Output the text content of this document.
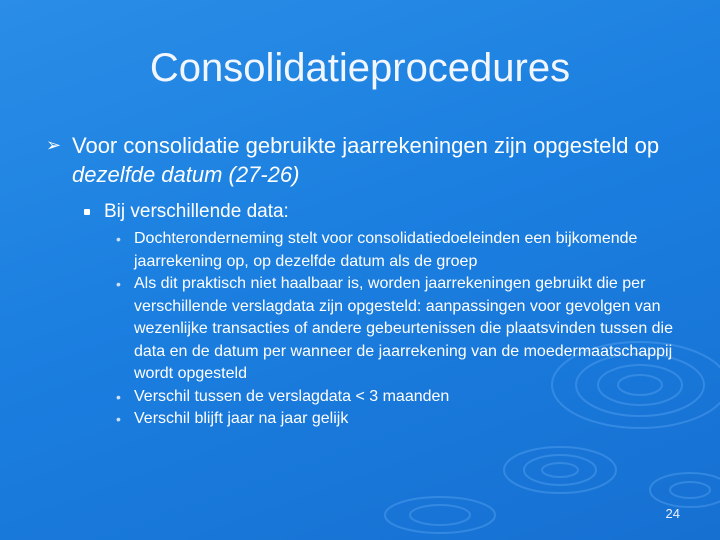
Consolidatieprocedures
➢ Voor consolidatie gebruikte jaarrekeningen zijn opgesteld op dezelfde datum (27-26)
Bij verschillende data:
• Dochteronderneming stelt voor consolidatiedoeleinden een bijkomende jaarrekening op, op dezelfde datum als de groep
• Als dit praktisch niet haalbaar is, worden jaarrekeningen gebruikt die per verschillende verslagdata zijn opgesteld: aanpassingen voor gevolgen van wezenlijke transacties of andere gebeurtenissen die plaatsvinden tussen die data en de datum per wanneer de jaarrekening van de moedermaatschappij wordt opgesteld
• Verschil tussen de verslagdata < 3 maanden
• Verschil blijft jaar na jaar gelijk
24
